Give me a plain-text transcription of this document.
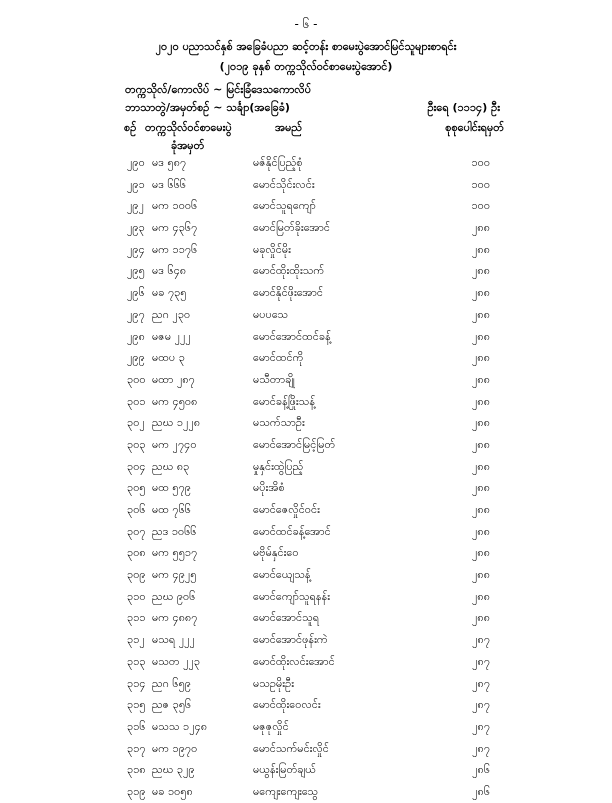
- ၆ -
၂၀၂၀ ပညာသင်နှစ် အခြေခံပညာ ဆင့်တန်း စာမေးပွဲအောင်မြင်သူများစာရင်း
(၂၀၁၉ ခုနှစ် တက္ကသိုလ်ဝင်စာမေးပွဲအောင်)
တက္ကသိုလ်/ကောလိပ် ~ မြင်းခြံ​ဒေသကောလိပ်
ဘာသာတွဲ/အမှတ်စဉ် ~ သင်္ချာ(အခြေခံ)	ဦးရေ (၁၁၁၄) ဦး
စဉ် တက္ကသိုလ်ဝင်စာမေးပွဲ
ခုံအမှတ်
အမည်	စုစုပေါင်းရမှတ်
၂၉၀ မဒ ၅၈၇	မဇ်နိုင်ပြည့်စုံ	၁၀၀
၂၉၁ မဒ ၆၆၆	မောင်သိုင်းလင်း	၁၀၀
၂၉၂ မက ၁၀၀၆	မောင်သူရကျော်	၁၀၀
၂၉၃ မက ၄၃၆၇	မောင်မြတ်ခိုးအောင်	၂၈၈
၂၉၄ မက ၁၁၇၆	မခုလှိုင်မိုး	၂၈၈
၂၉၅ မဒ ၆၄၈	မောင်ထိုးထိုးသက်	၂၈၈
၂၉၆ မခ ၇၃၅	မောင်နိုင်ဖိုးအောင်	၂၈၈
၂၉၇ ညဂ ၂၃၀	မပပသေ	၂၈၈
၂၉၈ မဇမ ၂၂၂	မောင်အောင်ထင်ခန့်	၂၈၈
၂၉၉ မထပ ၃	မောင်ထင်ကို	၂၈၈
၃၀၀ မထာ ၂၈၇	မသီတာချို	၂၈၈
၃၀၁ မက ၄၅၀၈	မောင်ခန့်ဖြိုးသန့်	၂၈၈
၃၀၂ ညဃ ၁၂၂၈	မသက်သာဦး	၂၈၈
၃၀၃ မက ၂၇၄၀	မောင်အောင်မြင့်မြတ်	၂၈၈
၃၀၄ ညဃ ၈၃	မှုနှင်းထွဲပြည့်	၂၈၈
၃၀၅ မထ ၅၇၉	မပိုးအိစံ	၂၈၈
၃၀၆ မထ ၇၆၆	မောင်ဇေလှိုင်ဝင်း	၂၈၈
၃၀၇ ညဒ ၁၀၆၆	မောင်ထင်ခန့်အောင်	၂၈၈
၃၀၈ မက ၅၅၁၇	မဗိုမ်နှင်းဝေ	၂၈၈
၃၀၉ မက ၄၉၂၅	မောင်ယျေသန့်	၂၈၈
၃၁၀ ညဃ ၉၀၆	မောင်ကျော်သူရနန်း	၂၈၈
၃၁၁ မက ၄၈၈၇	မောင်အောင်သူရ	၂၈၈
၃၁၂ မသရ ၂၂၂	မောင်အောင်ဖုန်းကဲ	၂၈၇
၃၁၃ မသတ ၂၂၃	မောင်ထိုးလင်းအောင်	၂၈၇
၃၁၄ ညဂ ၆၅၉	မသဥမိုးဦး	၂၈၇
၃၁၅ ညဇ ၃၅၆	မောင်ထိုးဝေလင်း	၂၈၇
၃၁၆ မသသ ၁၂၄၈	မဇုဇုလှိုင်	၂၈၇
၃၁၇ မက ၁၉၇၀	မောင်သက်မင်းလှိုင်	၂၈၇
၃၁၈ ညဃ ၃၂၉	မယွန်းမြတ်ချယ်	၂၈၆
၃၁၉ မခ ၁၀၅၈	မကျေးကျေးသွေ	၂၈၆
